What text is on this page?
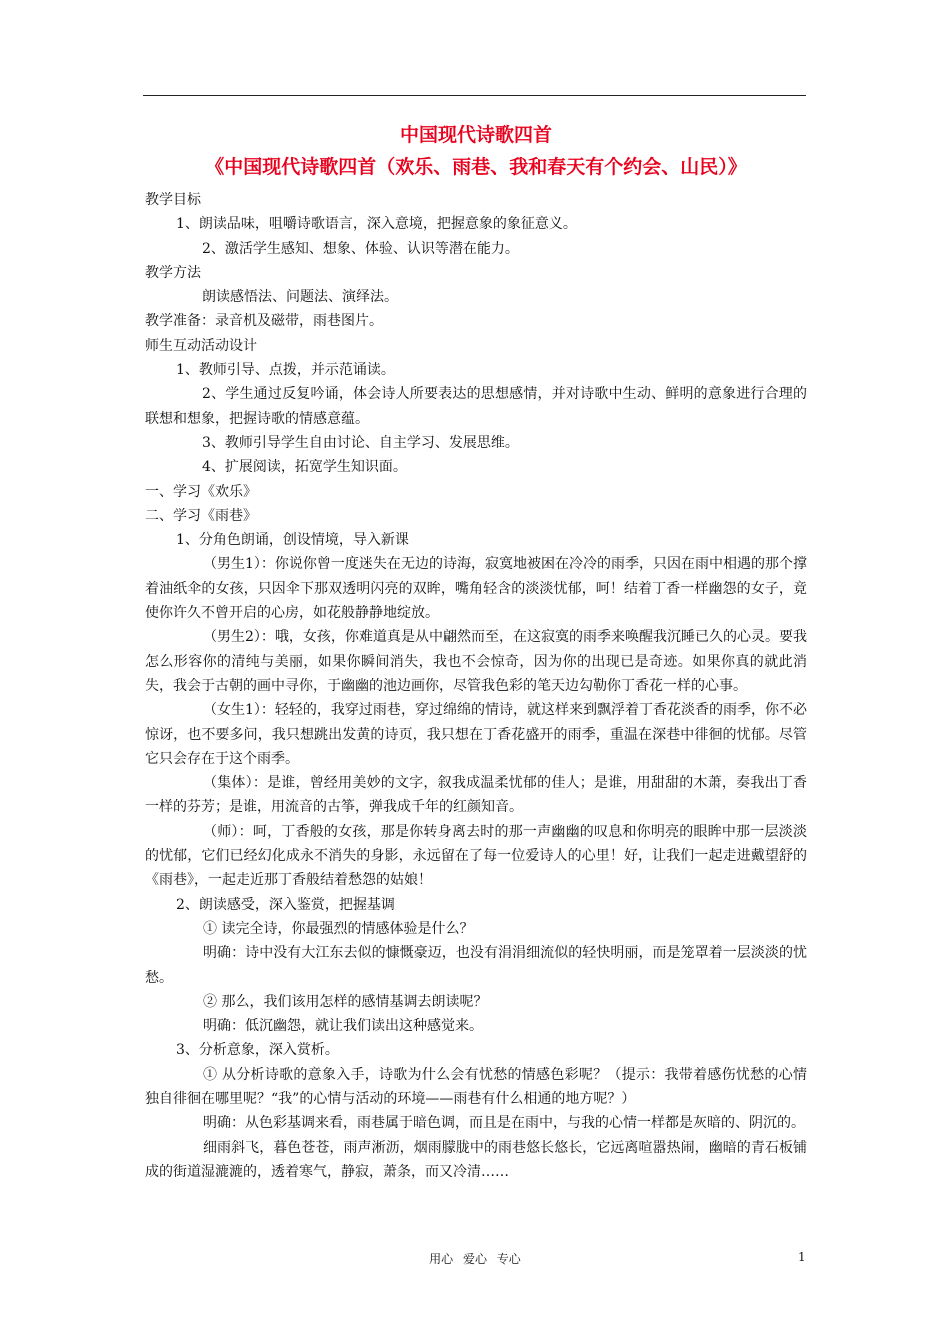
中国现代诗歌四首
《中国现代诗歌四首（欢乐、雨巷、我和春天有个约会、山民）》

教学目标

1、朗读品味，咀嚼诗歌语言，深入意境，把握意象的象征意义。

2、激活学生感知、想象、体验、认识等潜在能力。

教学方法

朗读感悟法、问题法、演绎法。

教学准备：录音机及磁带，雨巷图片。

师生互动活动设计

1、教师引导、点拨，并示范诵读。

2、学生通过反复吟诵，体会诗人所要表达的思想感情，并对诗歌中生动、鲜明的意象进行合理的联想和想象，把握诗歌的情感意蕴。

3、教师引导学生自由讨论、自主学习、发展思维。

4、扩展阅读，拓宽学生知识面。

一、学习《欢乐》

二、学习《雨巷》

1、分角色朗诵，创设情境，导入新课

（男生1）：你说你曾一度迷失在无边的诗海，寂寞地被困在冷冷的雨季，只因在雨中相遇的那个撑着油纸伞的女孩，只因伞下那双透明闪亮的双眸，嘴角轻含的淡淡忧郁，呵！结着丁香一样幽怨的女子，竟使你许久不曾开启的心房，如花般静静地绽放。

（男生2）：哦，女孩，你难道真是从中翩然而至，在这寂寞的雨季来唤醒我沉睡已久的心灵。要我怎么形容你的清纯与美丽，如果你瞬间消失，我也不会惊奇，因为你的出现已是奇迹。如果你真的就此消失，我会于古朝的画中寻你，于幽幽的池边画你，尽管我色彩的笔天边勾勒你丁香花一样的心事。

（女生1）：轻轻的，我穿过雨巷，穿过绵绵的情诗，就这样来到飘浮着丁香花淡香的雨季，你不必惊讶，也不要多问，我只想跳出发黄的诗页，我只想在丁香花盛开的雨季，重温在深巷中徘徊的忧郁。尽管它只会存在于这个雨季。

（集体）：是谁，曾经用美妙的文字，叙我成温柔忧郁的佳人；是谁，用甜甜的木萧，奏我出丁香一样的芬芳；是谁，用流音的古筝，弹我成千年的红颜知音。

（师）：呵，丁香般的女孩，那是你转身离去时的那一声幽幽的叹息和你明亮的眼眸中那一层淡淡的忧郁，它们已经幻化成永不消失的身影，永远留在了每一位爱诗人的心里！好，让我们一起走进戴望舒的《雨巷》，一起走近那丁香般结着愁怨的姑娘！

2、朗读感受，深入鉴赏，把握基调

① 读完全诗，你最强烈的情感体验是什么？

明确：诗中没有大江东去似的慷慨豪迈，也没有涓涓细流似的轻快明丽，而是笼罩着一层淡淡的忧愁。

② 那么，我们该用怎样的感情基调去朗读呢？

明确：低沉幽怨，就让我们读出这种感觉来。

3、分析意象，深入赏析。

① 从分析诗歌的意象入手，诗歌为什么会有忧愁的情感色彩呢？（提示：我带着感伤忧愁的心情独自徘徊在哪里呢？“我”的心情与活动的环境——雨巷有什么相通的地方呢？）

明确：从色彩基调来看，雨巷属于暗色调，而且是在雨中，与我的心情一样都是灰暗的、阴沉的。

细雨斜飞，暮色苍苍，雨声淅沥，烟雨朦胧中的雨巷悠长悠长，它远离喧嚣热闹，幽暗的青石板铺成的街道湿漉漉的，透着寒气，静寂，萧条，而又冷清……

用心 爱心 专心	1
